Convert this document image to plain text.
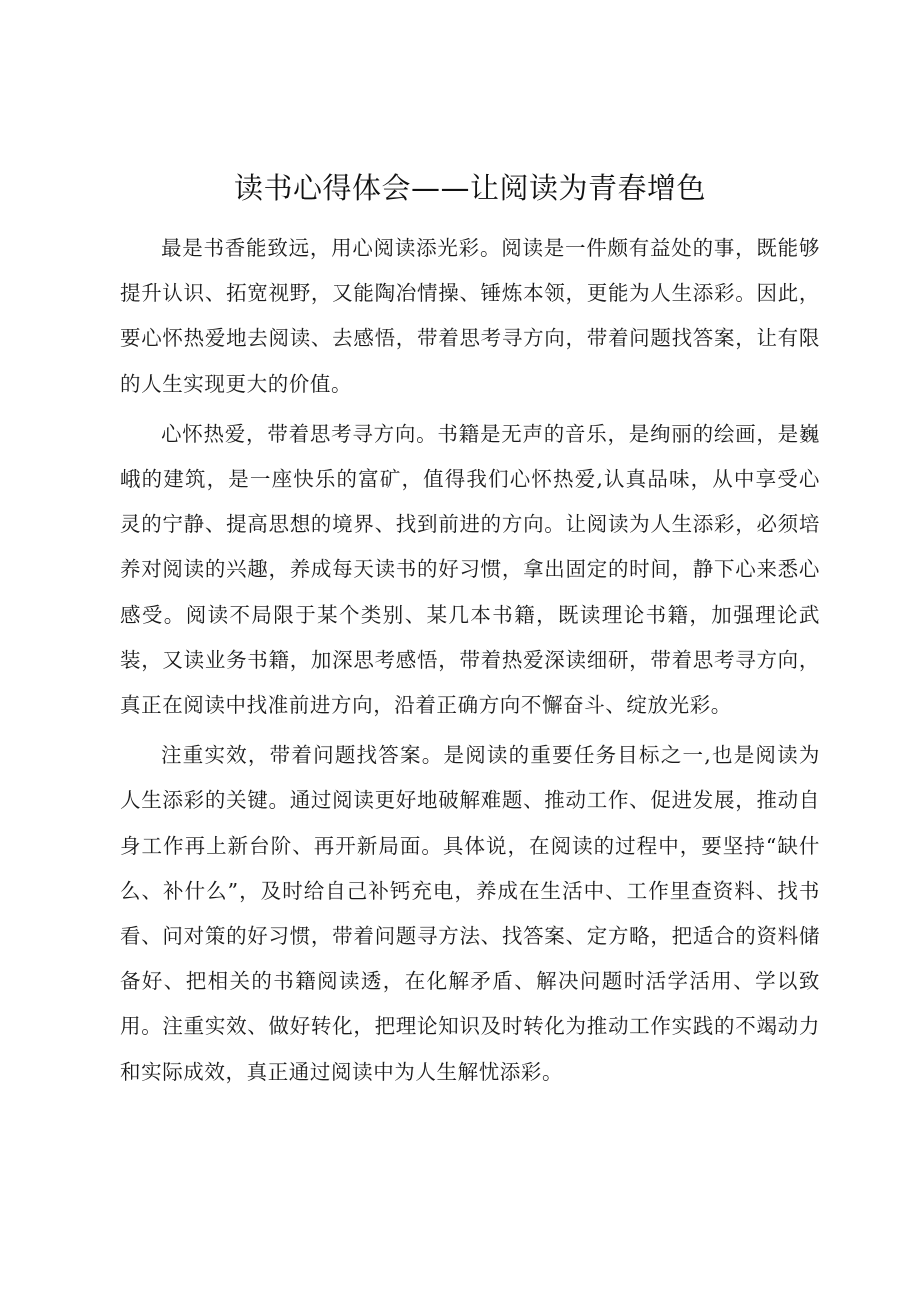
读书心得体会——让阅读为青春增色

最是书香能致远，用心阅读添光彩。阅读是一件颇有益处的事，既能够提升认识、拓宽视野，又能陶冶情操、锤炼本领，更能为人生添彩。因此，要心怀热爱地去阅读、去感悟，带着思考寻方向，带着问题找答案，让有限的人生实现更大的价值。

心怀热爱，带着思考寻方向。书籍是无声的音乐，是绚丽的绘画，是巍峨的建筑，是一座快乐的富矿，值得我们心怀热爱,认真品味，从中享受心灵的宁静、提高思想的境界、找到前进的方向。让阅读为人生添彩，必须培养对阅读的兴趣，养成每天读书的好习惯，拿出固定的时间，静下心来悉心感受。阅读不局限于某个类别、某几本书籍，既读理论书籍，加强理论武装，又读业务书籍，加深思考感悟，带着热爱深读细研，带着思考寻方向，真正在阅读中找准前进方向，沿着正确方向不懈奋斗、绽放光彩。

注重实效，带着问题找答案。是阅读的重要任务目标之一,也是阅读为人生添彩的关键。通过阅读更好地破解难题、推动工作、促进发展，推动自身工作再上新台阶、再开新局面。具体说，在阅读的过程中，要坚持“缺什么、补什么”，及时给自己补钙充电，养成在生活中、工作里查资料、找书看、问对策的好习惯，带着问题寻方法、找答案、定方略，把适合的资料储备好、把相关的书籍阅读透，在化解矛盾、解决问题时活学活用、学以致用。注重实效、做好转化，把理论知识及时转化为推动工作实践的不竭动力和实际成效，真正通过阅读中为人生解忧添彩。
